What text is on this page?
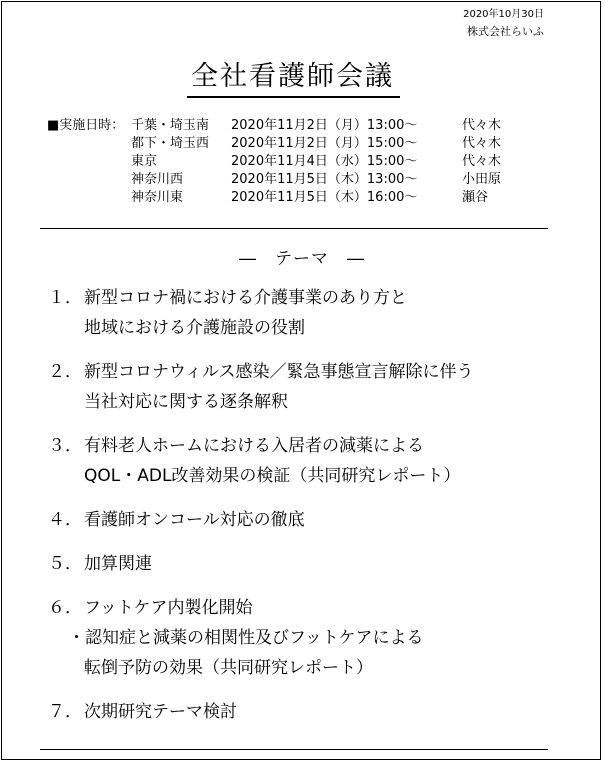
2020年10月30日
株式会社らいふ
全社看護師会議
■実施日時： 千葉・埼玉南 2020年11月2日（月）13:00～	代々木
都下・埼玉西 2020年11月2日（月）15:00～	代々木
東京	2020年11月4日（水）15:00～	代々木
神奈川西	2020年11月5日（木）13:00～	小田原
神奈川東	2020年11月5日（木）16:00～	瀬谷
―　テーマ　―
１． 新型コロナ禍における介護事業のあり方と
地域における介護施設の役割
２． 新型コロナウィルス感染／緊急事態宣言解除に伴う
当社対応に関する逐条解釈
３． 有料老人ホームにおける入居者の減薬による
QOL・ADL改善効果の検証（共同研究レポート）
４． 看護師オンコール対応の徹底
５． 加算関連
６． フットケア内製化開始
・認知症と減薬の相関性及びフットケアによる
転倒予防の効果（共同研究レポート）
７． 次期研究テーマ検討
